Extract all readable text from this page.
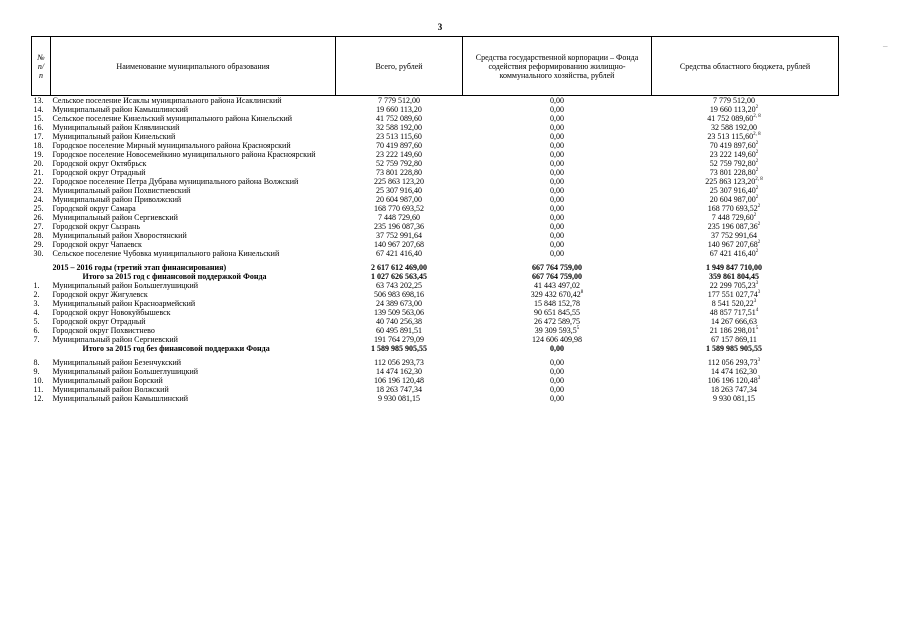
3
–
№ п/п	Наименование муниципального образования	Всего, рублей	Средства государственной корпорации – Фонда содействия реформированию жилищно-коммунального хозяйства, рублей	Средства областного бюджета, рублей
13.	Сельское поселение Исаклы муниципального района Исаклинский	7 779 512,00	0,00	7 779 512,00
14.	Муниципальный район Камышлинский	19 660 113,20	0,00	19 660 113,20$^2$
15.	Сельское поселение Кинельский муниципального района Кинельский	41 752 089,60	0,00	41 752 089,60$^{2, 8}$
16.	Муниципальный район Клявлинский	32 588 192,00	0,00	32 588 192,00
17.	Муниципальный район Кинельский	23 513 115,60	0,00	23 513 115,60$^{2, 8}$
18.	Городское поселение Мирный муниципального района Красноярский	70 419 897,60	0,00	70 419 897,60$^2$
19.	Городское поселение Новосемейкино муниципального района Красноярский	23 222 149,60	0,00	23 222 149,60$^2$
20.	Городской округ Октябрьск	52 759 792,80	0,00	52 759 792,80$^2$
21.	Городской округ Отрадный	73 801 228,80	0,00	73 801 228,80$^2$
22.	Городское поселение Петра Дубрава муниципального района Волжский	225 863 123,20	0,00	225 863 123,20$^{2, 8}$
23.	Муниципальный район Похвистневский	25 307 916,40	0,00	25 307 916,40$^2$
24.	Муниципальный район Приволжский	20 604 987,00	0,00	20 604 987,00$^2$
25.	Городской округ Самара	168 770 693,52	0,00	168 770 693,52$^2$
26.	Муниципальный район Сергиевский	7 448 729,60	0,00	7 448 729,60$^2$
27.	Городской округ Сызрань	235 196 087,36	0,00	235 196 087,36$^2$
28.	Муниципальный район Хворостянский	37 752 991,64	0,00	37 752 991,64
29.	Городской округ Чапаевск	140 967 207,68	0,00	140 967 207,68$^2$
30.	Сельское поселение Чубовка муниципального района Кинельский	67 421 416,40	0,00	67 421 416,40$^2$
	2015 – 2016 годы (третий этап финансирования)	2 617 612 469,00	667 764 759,00	1 949 847 710,00
	Итого за 2015 год с финансовой поддержкой Фонда	1 027 626 563,45	667 764 759,00	359 861 804,45
1.	Муниципальный район Большеглушицкий	63 743 202,25	41 443 497,02	22 299 705,23$^3$
2.	Городской округ Жигулевск	506 983 698,16	329 432 670,42$^8$	177 551 027,74$^3$
3.	Муниципальный район Красноармейский	24 389 673,00	15 848 152,78	8 541 520,22$^3$
4.	Городской округ Новокуйбышевск	139 509 563,06	90 651 845,55	48 857 717,51$^4$
5.	Городской округ Отрадный	40 740 256,38	26 472 589,75	14 267 666,63
6.	Городской округ Похвистнево	60 495 891,51	39 309 593,5$^5$	21 186 298,01$^5$
7.	Муниципальный район Сергиевский	191 764 279,09	124 606 409,98	67 157 869,11
	Итого за 2015 год без финансовой поддержки Фонда	1 589 985 905,55	0,00	1 589 985 905,55
8.	Муниципальный район Безенчукский	112 056 293,73	0,00	112 056 293,73$^3$
9.	Муниципальный район Большеглушицкий	14 474 162,30	0,00	14 474 162,30
10.	Муниципальный район Борский	106 196 120,48	0,00	106 196 120,48$^3$
11.	Муниципальный район Волжский	18 263 747,34	0,00	18 263 747,34
12.	Муниципальный район Камышлинский	9 930 081,15	0,00	9 930 081,15
